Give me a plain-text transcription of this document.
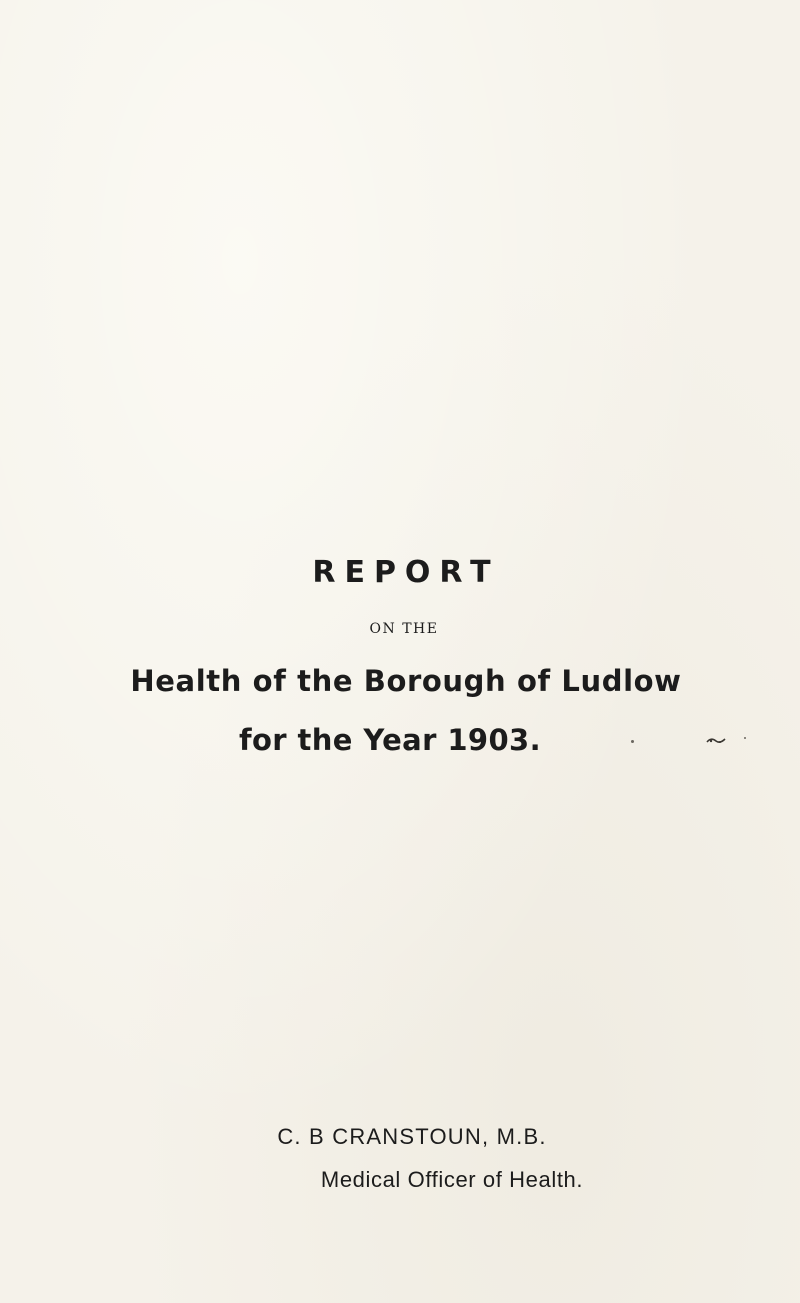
REPORT
ON THE
Health of the Borough of Ludlow
for the Year 1903.
C. B CRANSTOUN, M.B.
Medical Officer of Health.
